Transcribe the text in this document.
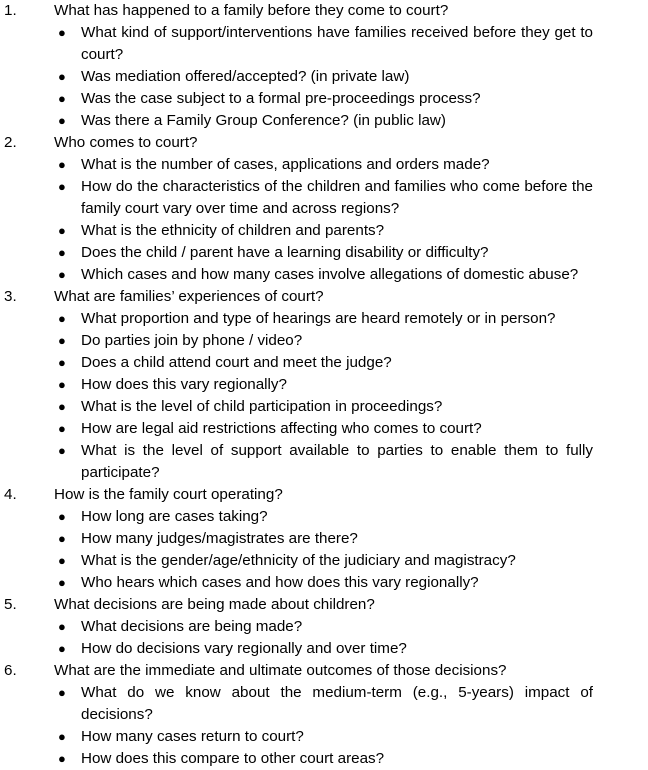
1.	What has happened to a family before they come to court?
● What kind of support/interventions have families received before they get to court?
● Was mediation offered/accepted? (in private law)
● Was the case subject to a formal pre-proceedings process?
● Was there a Family Group Conference? (in public law)
2.	Who comes to court?
● What is the number of cases, applications and orders made?
● How do the characteristics of the children and families who come before the family court vary over time and across regions?
● What is the ethnicity of children and parents?
● Does the child / parent have a learning disability or difficulty?
● Which cases and how many cases involve allegations of domestic abuse?
3.	What are families’ experiences of court?
● What proportion and type of hearings are heard remotely or in person?
● Do parties join by phone / video?
● Does a child attend court and meet the judge?
● How does this vary regionally?
● What is the level of child participation in proceedings?
● How are legal aid restrictions affecting who comes to court?
● What is the level of support available to parties to enable them to fully participate?
4.	How is the family court operating?
● How long are cases taking?
● How many judges/magistrates are there?
● What is the gender/age/ethnicity of the judiciary and magistracy?
● Who hears which cases and how does this vary regionally?
5.	What decisions are being made about children?
● What decisions are being made?
● How do decisions vary regionally and over time?
6.	What are the immediate and ultimate outcomes of those decisions?
● What do we know about the medium-term (e.g., 5-years) impact of decisions?
● How many cases return to court?
● How does this compare to other court areas?
